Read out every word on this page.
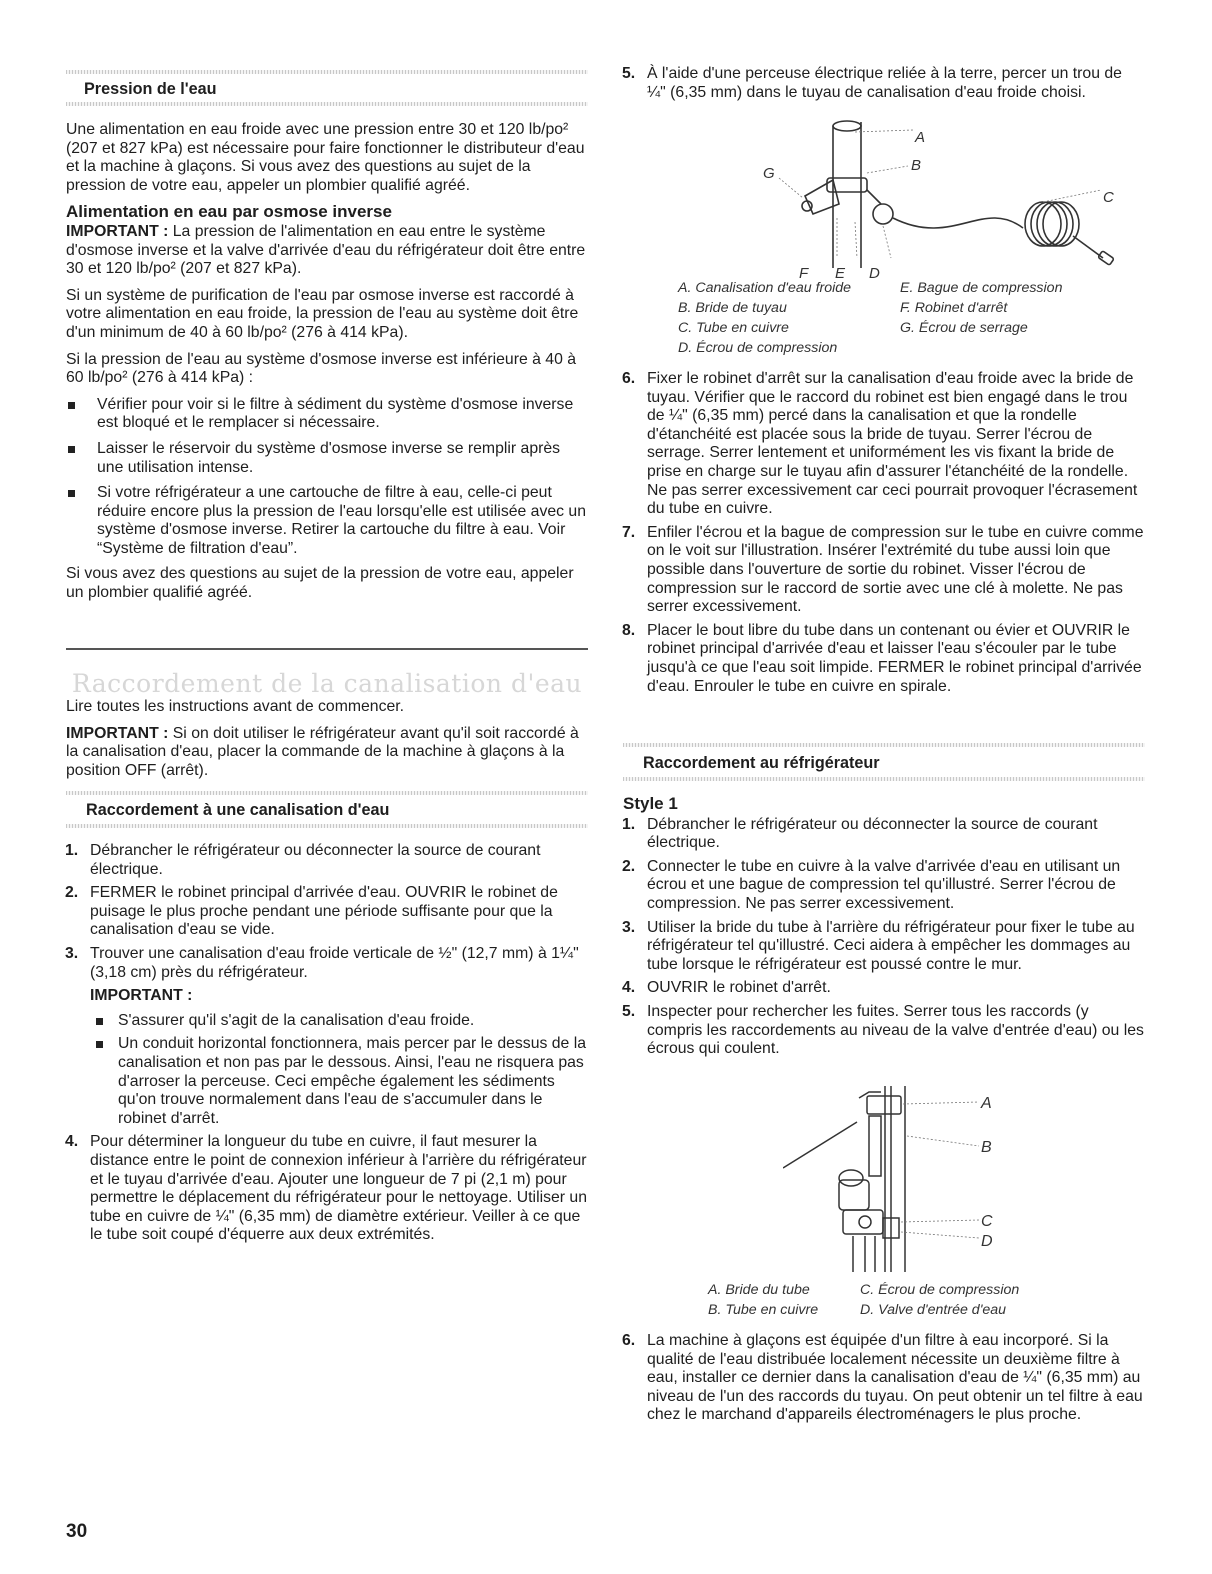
Pression de l'eau

Une alimentation en eau froide avec une pression entre 30 et 120 lb/po² (207 et 827 kPa) est nécessaire pour faire fonctionner le distributeur d'eau et la machine à glaçons. Si vous avez des questions au sujet de la pression de votre eau, appeler un plombier qualifié agréé.

Alimentation en eau par osmose inverse

IMPORTANT : La pression de l'alimentation en eau entre le système d'osmose inverse et la valve d'arrivée d'eau du réfrigérateur doit être entre 30 et 120 lb/po² (207 et 827 kPa).

Si un système de purification de l'eau par osmose inverse est raccordé à votre alimentation en eau froide, la pression de l'eau au système doit être d'un minimum de 40 à 60 lb/po² (276 à 414 kPa).

Si la pression de l'eau au système d'osmose inverse est inférieure à 40 à 60 lb/po² (276 à 414 kPa) :

Vérifier pour voir si le filtre à sédiment du système d'osmose inverse est bloqué et le remplacer si nécessaire.
Laisser le réservoir du système d'osmose inverse se remplir après une utilisation intense.
Si votre réfrigérateur a une cartouche de filtre à eau, celle-ci peut réduire encore plus la pression de l'eau lorsqu'elle est utilisée avec un système d'osmose inverse. Retirer la cartouche du filtre à eau. Voir “Système de filtration d'eau”.

Si vous avez des questions au sujet de la pression de votre eau, appeler un plombier qualifié agréé.

Raccordement de la canalisation d'eau

Lire toutes les instructions avant de commencer.

IMPORTANT : Si on doit utiliser le réfrigérateur avant qu'il soit raccordé à la canalisation d'eau, placer la commande de la machine à glaçons à la position OFF (arrêt).

Raccordement à une canalisation d'eau
1. Débrancher le réfrigérateur ou déconnecter la source de courant électrique.
2. FERMER le robinet principal d'arrivée d'eau. OUVRIR le robinet de puisage le plus proche pendant une période suffisante pour que la canalisation d'eau se vide.
3. Trouver une canalisation d'eau froide verticale de ½" (12,7 mm) à 1¼" (3,18 cm) près du réfrigérateur.
IMPORTANT :
S'assurer qu'il s'agit de la canalisation d'eau froide.
Un conduit horizontal fonctionnera, mais percer par le dessus de la canalisation et non pas par le dessous. Ainsi, l'eau ne risquera pas d'arroser la perceuse. Ceci empêche également les sédiments qu'on trouve normalement dans l'eau de s'accumuler dans le robinet d'arrêt.
4. Pour déterminer la longueur du tube en cuivre, il faut mesurer la distance entre le point de connexion inférieur à l'arrière du réfrigérateur et le tuyau d'arrivée d'eau. Ajouter une longueur de 7 pi (2,1 m) pour permettre le déplacement du réfrigérateur pour le nettoyage. Utiliser un tube en cuivre de ¼" (6,35 mm) de diamètre extérieur. Veiller à ce que le tube soit coupé d'équerre aux deux extrémités.
5. À l'aide d'une perceuse électrique reliée à la terre, percer un trou de ¼" (6,35 mm) dans le tuyau de canalisation d'eau froide choisi.
A
B
C
G
F E D
A. Canalisation d'eau froide
B. Bride de tuyau
C. Tube en cuivre
D. Écrou de compression
E. Bague de compression
F. Robinet d'arrêt
G. Écrou de serrage
6. Fixer le robinet d'arrêt sur la canalisation d'eau froide avec la bride de tuyau. Vérifier que le raccord du robinet est bien engagé dans le trou de ¼" (6,35 mm) percé dans la canalisation et que la rondelle d'étanchéité est placée sous la bride de tuyau. Serrer l'écrou de serrage. Serrer lentement et uniformément les vis fixant la bride de prise en charge sur le tuyau afin d'assurer l'étanchéité de la rondelle. Ne pas serrer excessivement car ceci pourrait provoquer l'écrasement du tube en cuivre.
7. Enfiler l'écrou et la bague de compression sur le tube en cuivre comme on le voit sur l'illustration. Insérer l'extrémité du tube aussi loin que possible dans l'ouverture de sortie du robinet. Visser l'écrou de compression sur le raccord de sortie avec une clé à molette. Ne pas serrer excessivement.
8. Placer le bout libre du tube dans un contenant ou évier et OUVRIR le robinet principal d'arrivée d'eau et laisser l'eau s'écouler par le tube jusqu'à ce que l'eau soit limpide. FERMER le robinet principal d'arrivée d'eau. Enrouler le tube en cuivre en spirale.
Raccordement au réfrigérateur
Style 1
1. Débrancher le réfrigérateur ou déconnecter la source de courant électrique.
2. Connecter le tube en cuivre à la valve d'arrivée d'eau en utilisant un écrou et une bague de compression tel qu'illustré. Serrer l'écrou de compression. Ne pas serrer excessivement.
3. Utiliser la bride du tube à l'arrière du réfrigérateur pour fixer le tube au réfrigérateur tel qu'illustré. Ceci aidera à empêcher les dommages au tube lorsque le réfrigérateur est poussé contre le mur.
4. OUVRIR le robinet d'arrêt.
5. Inspecter pour rechercher les fuites. Serrer tous les raccords (y compris les raccordements au niveau de la valve d'entrée d'eau) ou les écrous qui coulent.
A
B
C
D
A. Bride du tube
B. Tube en cuivre
C. Écrou de compression
D. Valve d'entrée d'eau
6. La machine à glaçons est équipée d'un filtre à eau incorporé. Si la qualité de l'eau distribuée localement nécessite un deuxième filtre à eau, installer ce dernier dans la canalisation d'eau de ¼" (6,35 mm) au niveau de l'un des raccords du tuyau. On peut obtenir un tel filtre à eau chez le marchand d'appareils électroménagers le plus proche.
30
